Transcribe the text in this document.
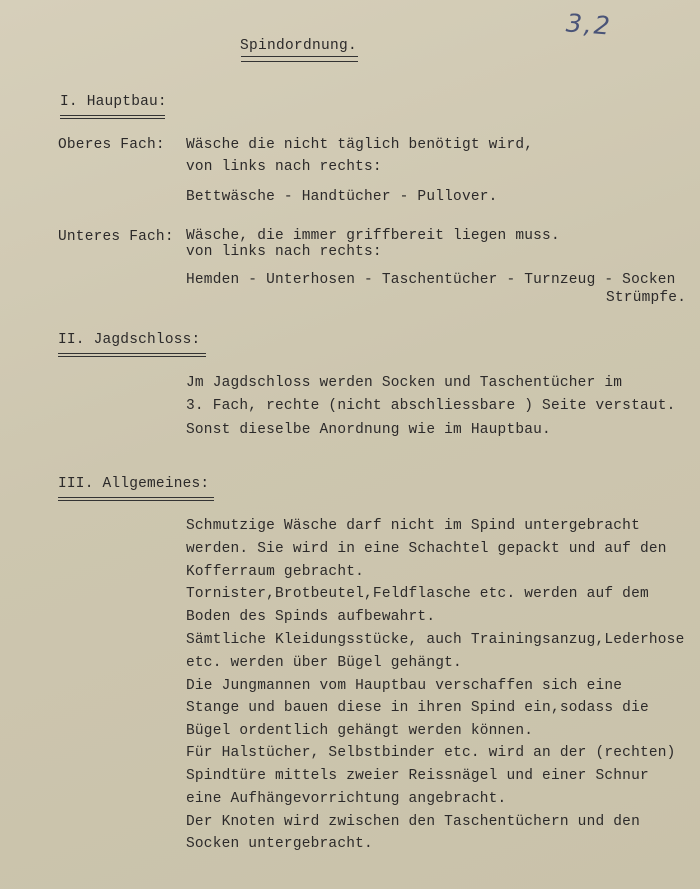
3,2
Spindordnung.
I. Hauptbau:
Oberes Fach: Wäsche die nicht täglich benötigt wird,
von links nach rechts:
Bettwäsche - Handtücher - Pullover.
Unteres Fach: Wäsche, die immer griffbereit liegen muss.
von links nach rechts:
Hemden - Unterhosen - Taschentücher - Turnzeug - Socken
Strümpfe.
II. Jagdschloss:
Jm Jagdschloss werden Socken und Taschentücher im
3. Fach, rechte (nicht abschliessbare ) Seite verstaut.
Sonst dieselbe Anordnung wie im Hauptbau.
III. Allgemeines:
Schmutzige Wäsche darf nicht im Spind untergebracht
werden. Sie wird in eine Schachtel gepackt und auf den
Kofferraum gebracht.
Tornister,Brotbeutel,Feldflasche etc. werden auf dem
Boden des Spinds aufbewahrt.
Sämtliche Kleidungsstücke, auch Trainingsanzug,Lederhose
etc. werden über Bügel gehängt.
Die Jungmannen vom Hauptbau verschaffen sich eine
Stange und bauen diese in ihren Spind ein,sodass die
Bügel ordentlich gehängt werden können.
Für Halstücher, Selbstbinder etc. wird an der (rechten)
Spindtüre mittels zweier Reissnägel und einer Schnur
eine Aufhängevorrichtung angebracht.
Der Knoten wird zwischen den Taschentüchern und den
Socken untergebracht.
